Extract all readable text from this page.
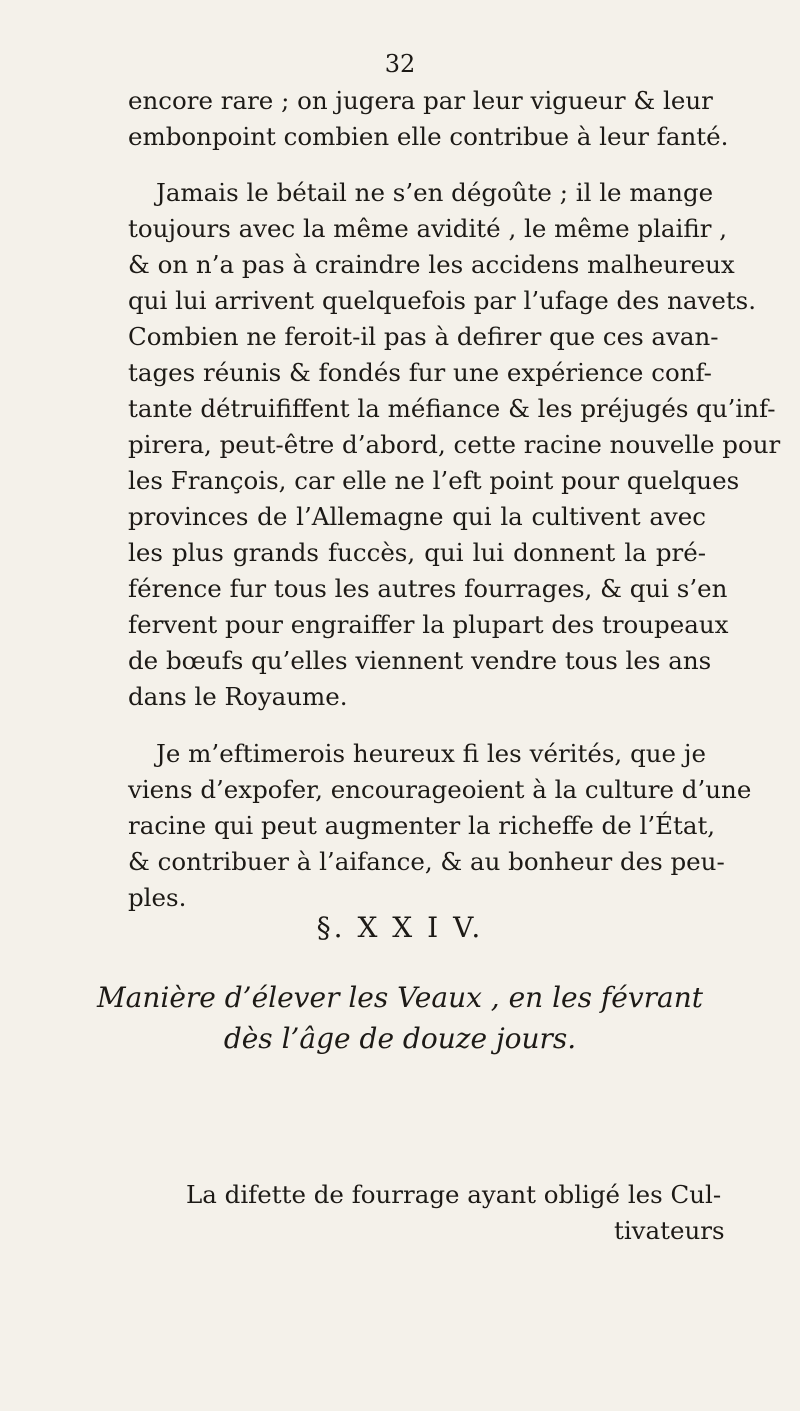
32
encore rare ; on jugera par leur vigueur & leur
embonpoint combien elle contribue à leur fanté.
Jamais le bétail ne s’en dégoûte ; il le mange
toujours avec la même avidité , le même plaifir ,
& on n’a pas à craindre les accidens malheureux
qui lui arrivent quelquefois par l’ufage des navets.
Combien ne feroit-il pas à defirer que ces avan-
tages réunis & fondés fur une expérience conf-
tante détruififfent la méfiance & les préjugés qu’inf-
pirera, peut-être d’abord, cette racine nouvelle pour
les François, car elle ne l’eft point pour quelques
provinces de l’Allemagne qui la cultivent avec
les plus grands fuccès, qui lui donnent la pré-
férence fur tous les autres fourrages, & qui s’en
fervent pour engraiffer la plupart des troupeaux
de bœufs qu’elles viennent vendre tous les ans
dans le Royaume.
Je m’eftimerois heureux fi les vérités, que je
viens d’expofer, encourageoient à la culture d’une
racine qui peut augmenter la richeffe de l’État,
& contribuer à l’aifance, & au bonheur des peu-
ples.
§. X X I V.
Manière d’élever les Veaux , en les févrant
dès l’âge de douze jours.
La difette de fourrage ayant obligé les Cul-
tivateurs
